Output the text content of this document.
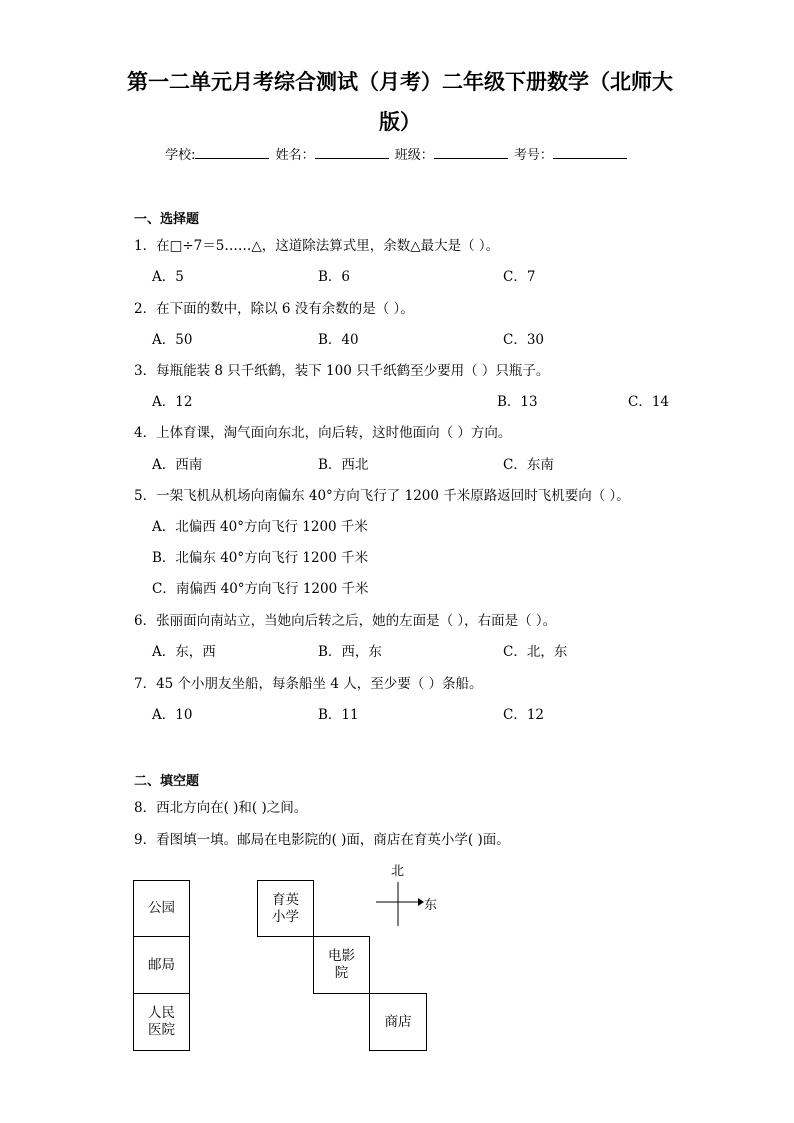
第一二单元月考综合测试（月考）二年级下册数学（北师大
版）
学校:	姓名：	班级：	考号：
一、选择题
1．在□÷7＝5……△，这道除法算式里，余数△最大是（ ）。
A．5	B．6	C．7
2．在下面的数中，除以 6 没有余数的是（ ）。
A．50	B．40	C．30
3．每瓶能装 8 只千纸鹤，装下 100 只千纸鹤至少要用（ ）只瓶子。
A．12	B．13	C．14
4．上体育课，淘气面向东北，向后转，这时他面向（ ）方向。
A．西南	B．西北	C．东南
5．一架飞机从机场向南偏东 40°方向飞行了 1200 千米原路返回时飞机要向（ ）。
A．北偏西 40°方向飞行 1200 千米
B．北偏东 40°方向飞行 1200 千米
C．南偏西 40°方向飞行 1200 千米
6．张丽面向南站立，当她向后转之后，她的左面是（ ），右面是（ ）。
A．东，西	B．西，东	C．北，东
7．45 个小朋友坐船，每条船坐 4 人，至少要（ ）条船。
A．10	B．11	C．12
二、填空题
8．西北方向在( )和( )之间。
9．看图填一填。邮局在电影院的( )面，商店在育英小学( )面。
公园
邮局
人民
医院
育英
小学
电影
院
商店
北
东
